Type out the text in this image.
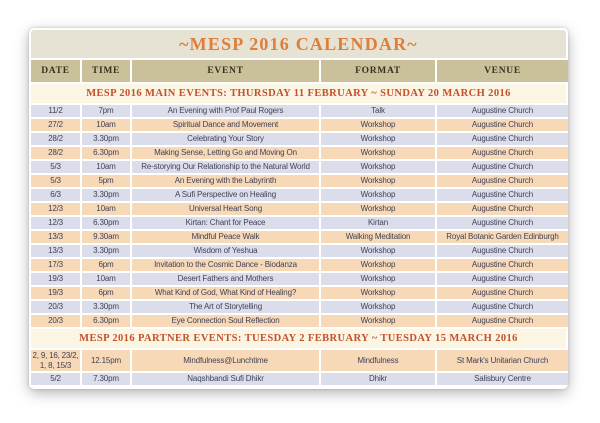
~MESP 2016 CALENDAR~
DATE	TIME	EVENT	FORMAT	VENUE
MESP 2016 MAIN EVENTS: THURSDAY 11 FEBRUARY ~ SUNDAY 20 MARCH 2016
11/2	7pm	An Evening with Prof Paul Rogers	Talk	Augustine Church
27/2	10am	Spiritual Dance and Movement	Workshop	Augustine Church
28/2	3.30pm	Celebrating Your Story	Workshop	Augustine Church
28/2	6.30pm	Making Sense, Letting Go and Moving On	Workshop	Augustine Church
5/3	10am	Re-storying Our Relationship to the Natural World	Workshop	Augustine Church
5/3	5pm	An Evening with the Labyrinth	Workshop	Augustine Church
6/3	3.30pm	A Sufi Perspective on Healing	Workshop	Augustine Church
12/3	10am	Universal Heart Song	Workshop	Augustine Church
12/3	6.30pm	Kirtan: Chant for Peace	Kirtan	Augustine Church
13/3	9.30am	Mindful Peace Walk	Walking Meditation	Royal Botanic Garden Edinburgh
13/3	3.30pm	Wisdom of Yeshua	Workshop	Augustine Church
17/3	6pm	Invitation to the Cosmic Dance - Biodanza	Workshop	Augustine Church
19/3	10am	Desert Fathers and Mothers	Workshop	Augustine Church
19/3	6pm	What Kind of God, What Kind of Healing?	Workshop	Augustine Church
20/3	3.30pm	The Art of Storytelling	Workshop	Augustine Church
20/3	6.30pm	Eye Connection Soul Reflection	Workshop	Augustine Church
MESP 2016 PARTNER EVENTS: TUESDAY 2 FEBRUARY ~ TUESDAY 15 MARCH 2016
2, 9, 16, 23/2,
1, 8, 15/3
12.15pm	Mindfulness@Lunchtime	Mindfulness	St Mark's Unitarian Church
5/2	7.30pm	Naqshbandi Sufi Dhikr	Dhikr	Salisbury Centre
